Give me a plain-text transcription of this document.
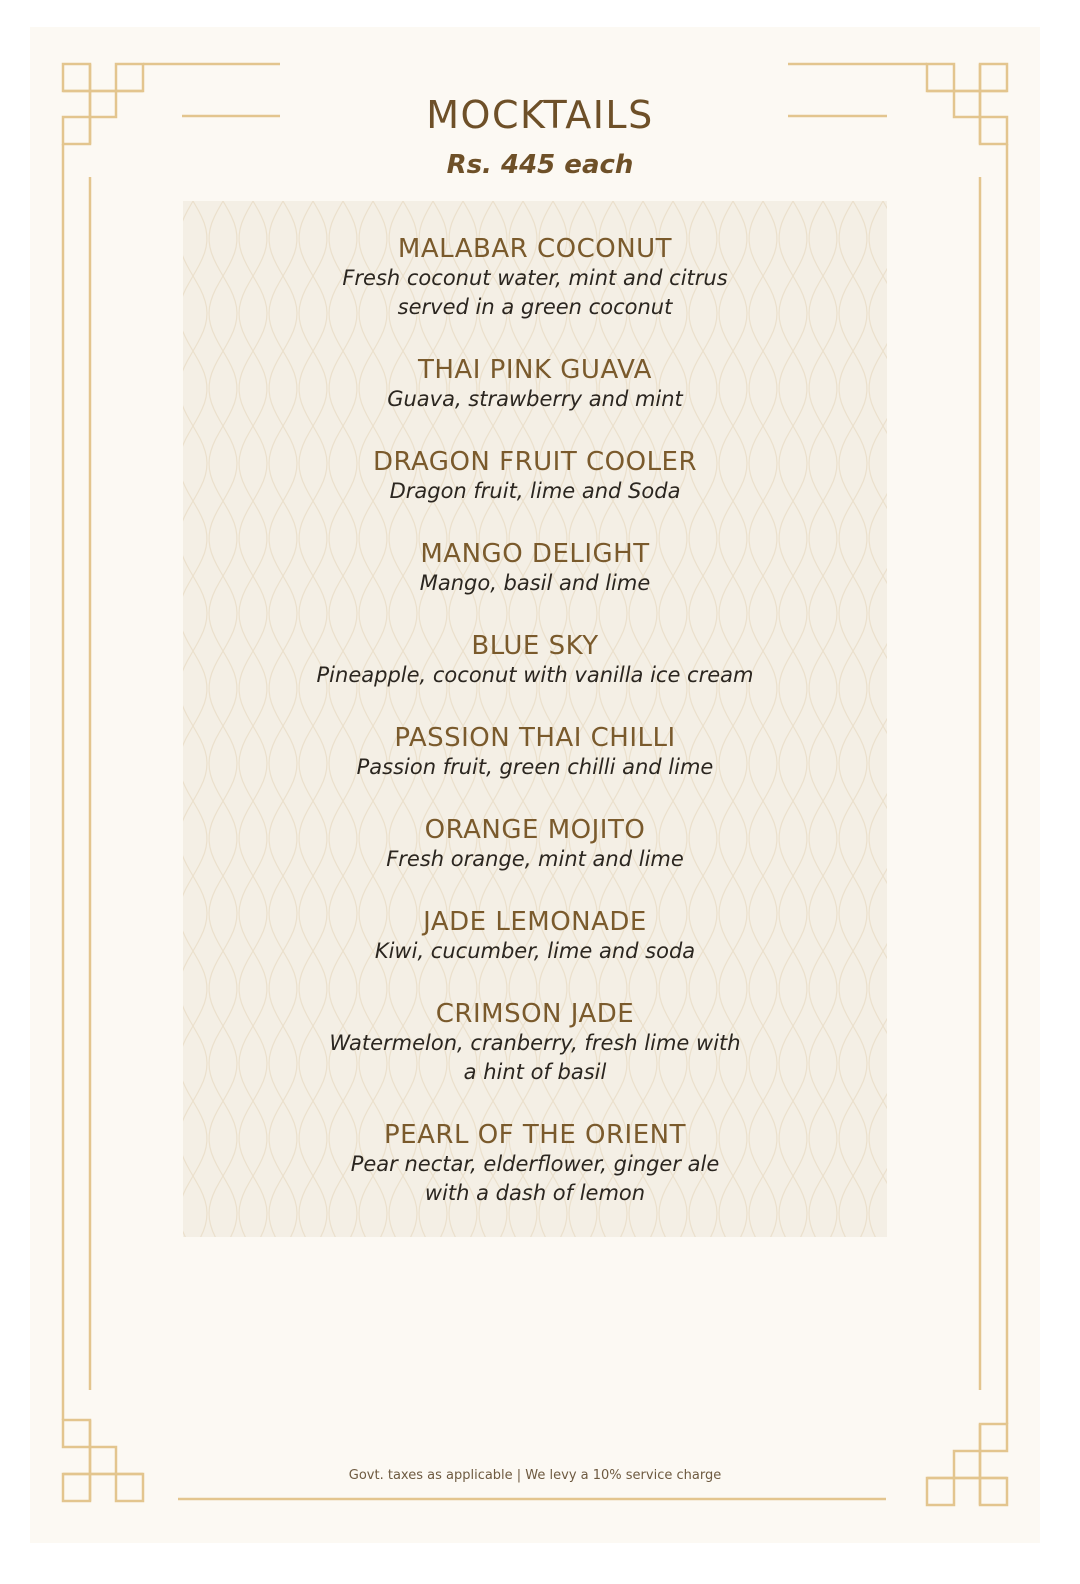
MOCKTAILS

Rs. 445 each

MALABAR COCONUT

Fresh coconut water, mint and citrus
served in a green coconut

THAI PINK GUAVA

Guava, strawberry and mint

DRAGON FRUIT COOLER

Dragon fruit, lime and Soda

MANGO DELIGHT

Mango, basil and lime

BLUE SKY

Pineapple, coconut with vanilla ice cream

PASSION THAI CHILLI

Passion fruit, green chilli and lime

ORANGE MOJITO

Fresh orange, mint and lime

JADE LEMONADE

Kiwi, cucumber, lime and soda

CRIMSON JADE

Watermelon, cranberry, fresh lime with
a hint of basil

PEARL OF THE ORIENT

Pear nectar, elderflower, ginger ale
with a dash of lemon

Govt. taxes as applicable | We levy a 10% service charge
